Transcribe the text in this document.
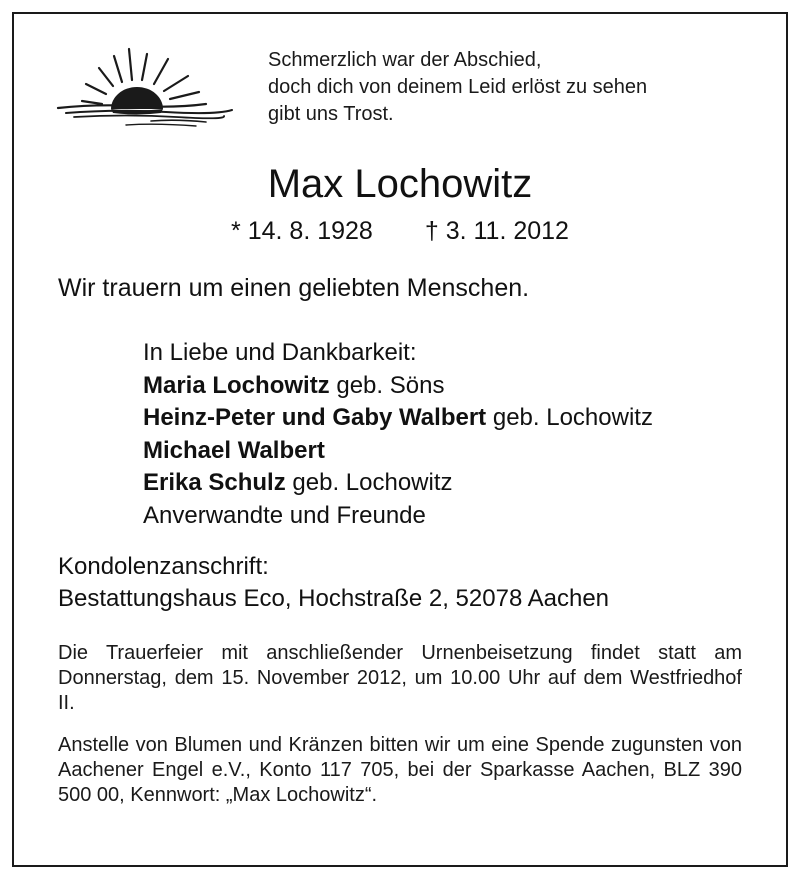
Schmerzlich war der Abschied,
doch dich von deinem Leid erlöst zu sehen
gibt uns Trost.
Max Lochowitz
* 14. 8. 1928 † 3. 11. 2012
Wir trauern um einen geliebten Menschen.
In Liebe und Dankbarkeit:
Maria Lochowitz geb. Söns
Heinz-Peter und Gaby Walbert geb. Lochowitz
Michael Walbert
Erika Schulz geb. Lochowitz
Anverwandte und Freunde
Kondolenzanschrift:
Bestattungshaus Eco, Hochstraße 2, 52078 Aachen
Die Trauerfeier mit anschließender Urnenbeisetzung findet statt am Donnerstag, dem 15. November 2012, um 10.00 Uhr auf dem Westfriedhof II.
Anstelle von Blumen und Kränzen bitten wir um eine Spende zugunsten von Aachener Engel e.V., Konto 117 705, bei der Sparkasse Aachen, BLZ 390 500 00, Kennwort: „Max Lochowitz“.
